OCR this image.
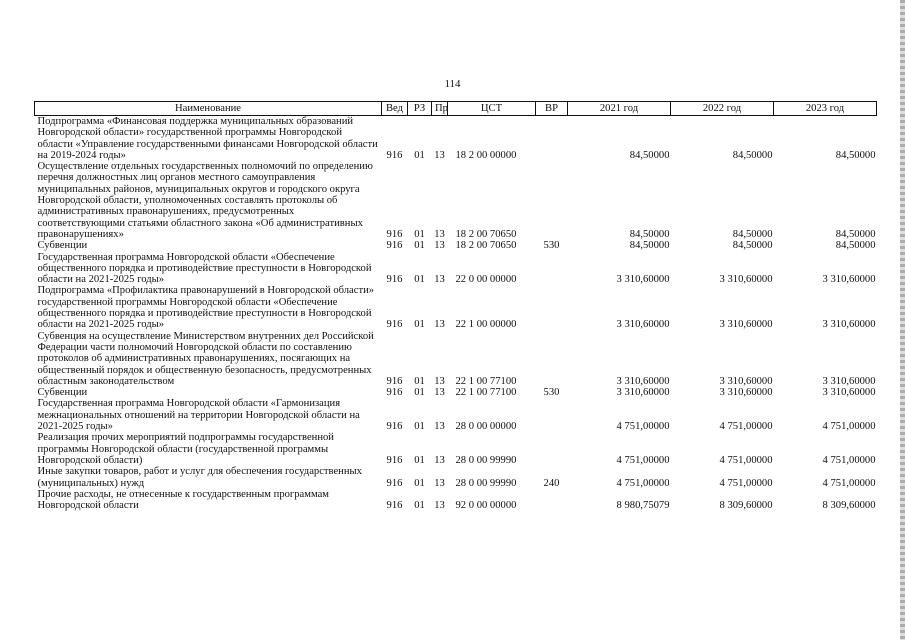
114
Наименование	Вед	РЗ	Пр	ЦСТ	ВР	2021 год	2022 год	2023 год
Подпрограмма «Финансовая поддержка муниципальных образований Новгородской области» государственной программы Новгородской области «Управление государственными финансами Новгородской области на 2019-2024 годы»	916	01	13	18 2 00 00000		84,50000	84,50000	84,50000
Осуществление отдельных государственных полномочий по определению перечня должностных лиц органов местного самоуправления муниципальных районов, муниципальных округов и городского округа Новгородской области, уполномоченных составлять протоколы об административных правонарушениях, предусмотренных соответствующими статьями областного закона «Об административных правонарушениях»	916	01	13	18 2 00 70650		84,50000	84,50000	84,50000
Субвенции	916	01	13	18 2 00 70650	530	84,50000	84,50000	84,50000
Государственная программа Новгородской области «Обеспечение общественного порядка и противодействие преступности в Новгородской области на 2021-2025 годы»	916	01	13	22 0 00 00000		3 310,60000	3 310,60000	3 310,60000
Подпрограмма «Профилактика правонарушений в Новгородской области» государственной программы Новгородской области «Обеспечение общественного порядка и противодействие преступности в Новгородской области на 2021-2025 годы»	916	01	13	22 1 00 00000		3 310,60000	3 310,60000	3 310,60000
Субвенция на осуществление Министерством внутренних дел Российской Федерации части полномочий Новгородской области по составлению протоколов об административных правонарушениях, посягающих на общественный порядок и общественную безопасность, предусмотренных областным законодательством	916	01	13	22 1 00 77100		3 310,60000	3 310,60000	3 310,60000
Субвенции	916	01	13	22 1 00 77100	530	3 310,60000	3 310,60000	3 310,60000
Государственная программа Новгородской области «Гармонизация межнациональных отношений на территории Новгородской области на 2021-2025 годы»	916	01	13	28 0 00 00000		4 751,00000	4 751,00000	4 751,00000
Реализация прочих мероприятий подпрограммы государственной программы Новгородской области (государственной программы Новгородской области)	916	01	13	28 0 00 99990		4 751,00000	4 751,00000	4 751,00000
Иные закупки товаров, работ и услуг для обеспечения государственных (муниципальных) нужд	916	01	13	28 0 00 99990	240	4 751,00000	4 751,00000	4 751,00000
Прочие расходы, не отнесенные к государственным программам Новгородской области	916	01	13	92 0 00 00000		8 980,75079	8 309,60000	8 309,60000
